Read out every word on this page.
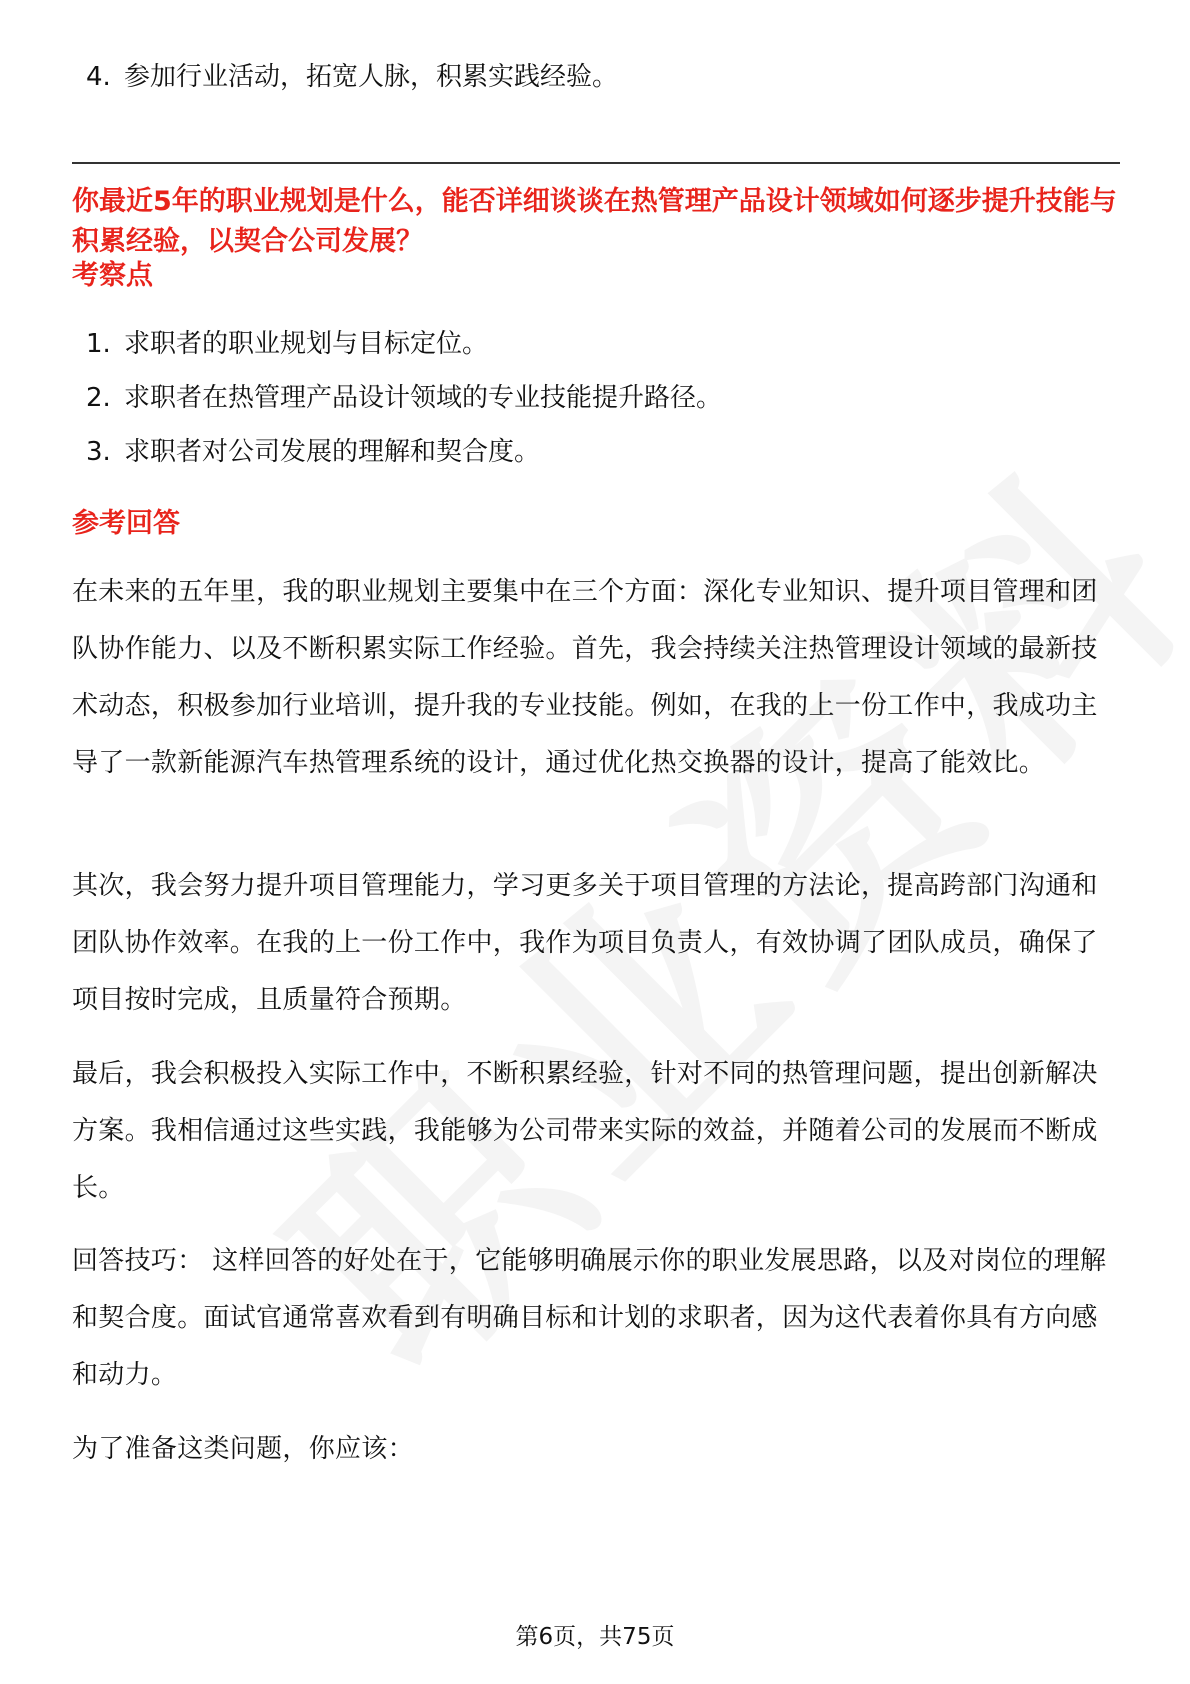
4. 参加行业活动，拓宽人脉，积累实践经验。
你最近5年的职业规划是什么，能否详细谈谈在热管理产品设计领域如何逐步提升技能与积累经验，以契合公司发展？
考察点
1. 求职者的职业规划与目标定位。
2. 求职者在热管理产品设计领域的专业技能提升路径。
3. 求职者对公司发展的理解和契合度。
参考回答
在未来的五年里，我的职业规划主要集中在三个方面：深化专业知识、提升项目管理和团队协作能力、以及不断积累实际工作经验。首先，我会持续关注热管理设计领域的最新技术动态，积极参加行业培训，提升我的专业技能。例如，在我的上一份工作中，我成功主导了一款新能源汽车热管理系统的设计，通过优化热交换器的设计，提高了能效比。
其次，我会努力提升项目管理能力，学习更多关于项目管理的方法论，提高跨部门沟通和团队协作效率。在我的上一份工作中，我作为项目负责人，有效协调了团队成员，确保了项目按时完成，且质量符合预期。
最后，我会积极投入实际工作中，不断积累经验，针对不同的热管理问题，提出创新解决方案。我相信通过这些实践，我能够为公司带来实际的效益，并随着公司的发展而不断成长。
回答技巧： 这样回答的好处在于，它能够明确展示你的职业发展思路，以及对岗位的理解和契合度。面试官通常喜欢看到有明确目标和计划的求职者，因为这代表着你具有方向感和动力。
为了准备这类问题，你应该：
第6页，共75页
